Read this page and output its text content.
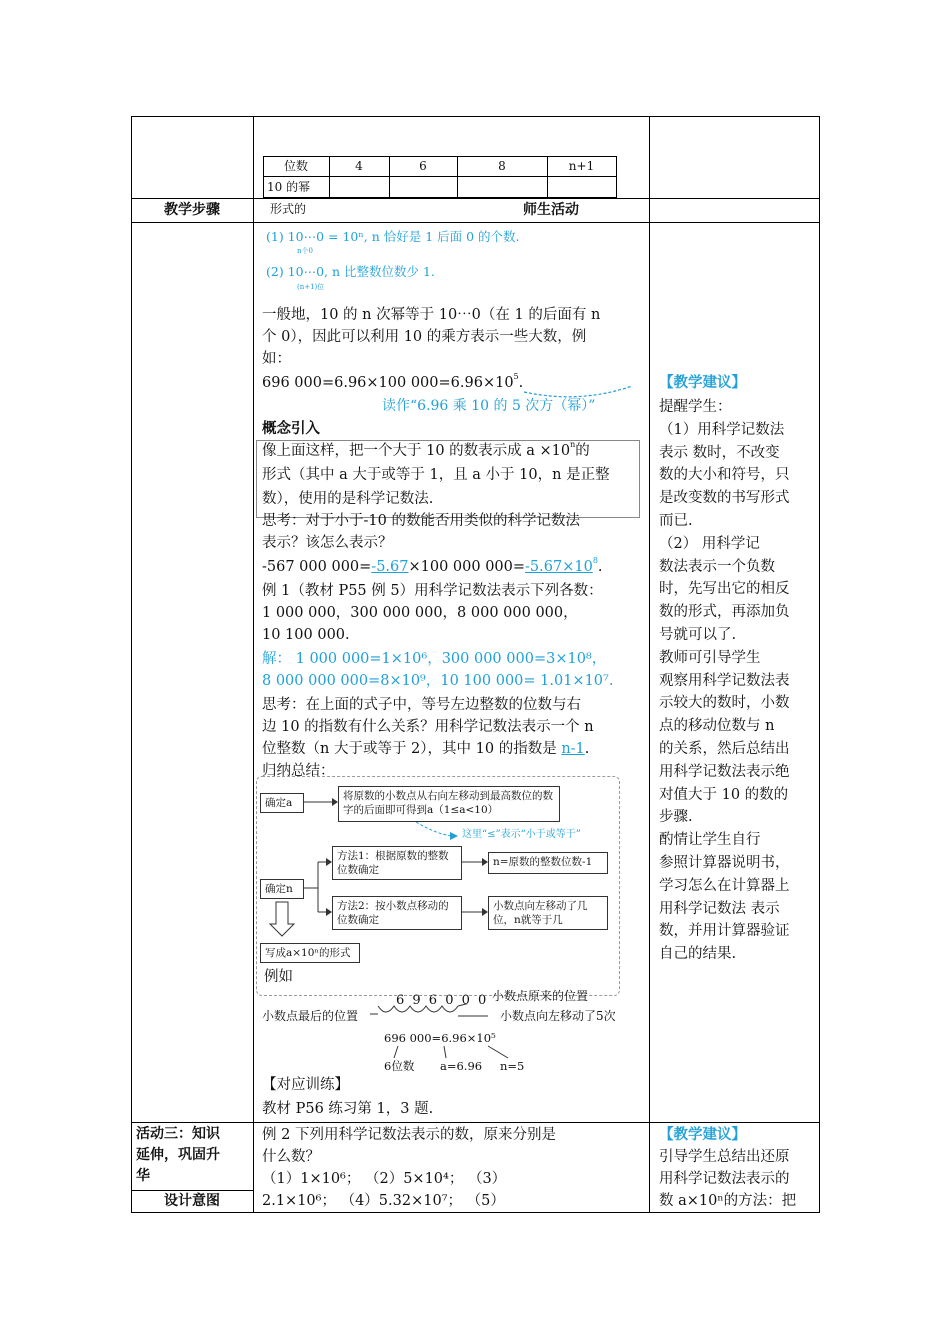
位数	4	6	8	n+1
10 的幂
形式的
教学步骤	师生活动
(1) 10⋯0 = 10ⁿ, n 恰好是 1 后面 0 的个数.
n个0
(2) 10⋯0, n 比整数位数少 1.
(n+1)位
一般地，10 的 n 次幂等于 10⋯0（在 1 的后面有 n
个 0），因此可以利用 10 的乘方表示一些大数，例
如：
696 000=6.96×100 $000=6.96\times 10^5$.
读作“6.96 乘 10 的 5 次方（幂）”
概念引入
像上面这样，把一个大于 10 的数表示成 $a \times 10^n$的
形式（其中 a 大于或等于 1，且 a 小于 10，n 是正整
数），使用的是科学记数法.
思考：对于小于-10 的数能否用类似的科学记数法
表示？该怎么表示？
-567 000 000=-5.67×100 000 $000=-5.67\times 10^8$.
例 1（教材 P55 例 5）用科学记数法表示下列各数：
1 000 000，300 000 000，8 000 000 000，
10 100 000.
解： 1 000 000=1×10⁶，300 000 000=3×10⁸，
8 000 000 000=8×10⁹，10 100 000= 1.01×10⁷.
思考：在上面的式子中，等号左边整数的位数与右
边 10 的指数有什么关系？用科学记数法表示一个 n
位整数（n 大于或等于 2），其中 10 的指数是 n-1.
归纳总结：
确定a
将原数的小数点从右向左移动到最高数位的数字的后面即可得到a（1≤a<10）
这里“≤”表示“小于或等于”
确定n
方法1：根据原数的整数位数确定
n=原数的整数位数-1
方法2：按小数点移动的位数确定
小数点向左移动了几位，n就等于几
写成a×10ⁿ的形式
例如
6 9 6 0 0 0 小数点原来的位置
小数点最后的位置	小数点向左移动了5次
696 000=6.96×10⁵
6位数 a=6.96 n=5
【对应训练】
教材 P56 练习第 1，3 题.
【教学建议】
提醒学生：
（1）用科学记数法
表示 数时，不改变
数的大小和符号，只
是改变数的书写形式
而已.
（2） 用科学记
数法表示一个负数
时，先写出它的相反
数的形式，再添加负
号就可以了.
教师可引导学生
观察用科学记数法表
示较大的数时，小数
点的移动位数与 n
的关系，然后总结出
用科学记数法表示绝
对值大于 10 的数的
步骤.
酌情让学生自行
参照计算器说明书，
学习怎么在计算器上
用科学记数法 表示
数，并用计算器验证
自己的结果.
活动三：知识
延伸，巩固升
华
设计意图
例 2 下列用科学记数法表示的数，原来分别是
什么数？
（1）1×10⁶； （2）5×10⁴； （3）
2.1×10⁶； （4）5.32×10⁷； （5）
【教学建议】
引导学生总结出还原
用科学记数法表示的
数 a×10ⁿ的方法：把
